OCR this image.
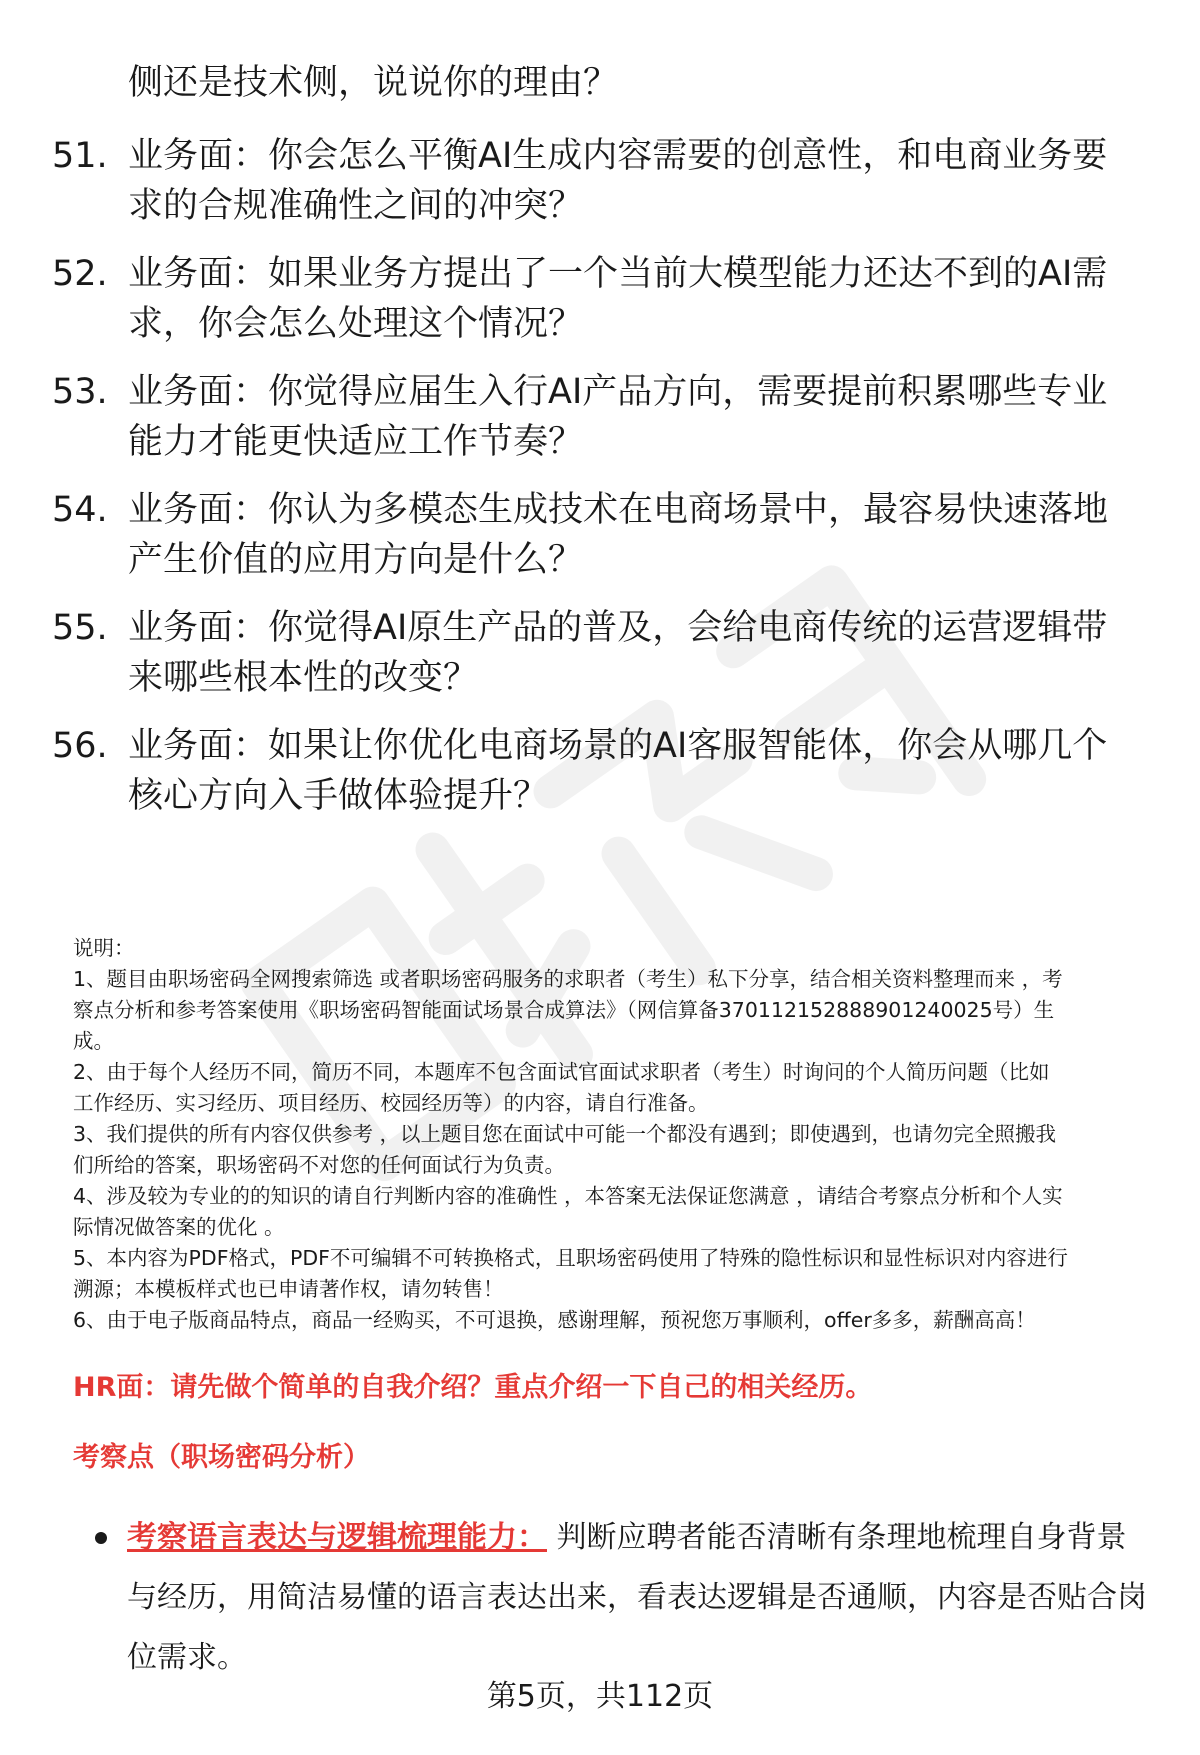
侧还是技术侧，说说你的理由？
51. 业务面：你会怎么平衡AI生成内容需要的创意性，和电商业务要
求的合规准确性之间的冲突？
52. 业务面：如果业务方提出了一个当前大模型能力还达不到的AI需
求，你会怎么处理这个情况？
53. 业务面：你觉得应届生入行AI产品方向，需要提前积累哪些专业
能力才能更快适应工作节奏？
54. 业务面：你认为多模态生成技术在电商场景中，最容易快速落地
产生价值的应用方向是什么？
55. 业务面：你觉得AI原生产品的普及，会给电商传统的运营逻辑带
来哪些根本性的改变？
56. 业务面：如果让你优化电商场景的AI客服智能体，你会从哪几个
核心方向入手做体验提升？

说明：

1、题目由职场密码全网搜索筛选 或者职场密码服务的求职者（考生）私下分享，结合相关资料整理而来 ，考

察点分析和参考答案使用《职场密码智能面试场景合成算法》（网信算备370112152888901240025号）生

成。

2、由于每个人经历不同，简历不同，本题库不包含面试官面试求职者（考生）时询问的个人简历问题（比如

工作经历、实习经历、项目经历、校园经历等）的内容，请自行准备。

3、我们提供的所有内容仅供参考 ，以上题目您在面试中可能一个都没有遇到；即使遇到，也请勿完全照搬我

们所给的答案，职场密码不对您的任何面试行为负责。

4、涉及较为专业的的知识的请自行判断内容的准确性 ，本答案无法保证您满意 ，请结合考察点分析和个人实

际情况做答案的优化 。

5、本内容为PDF格式，PDF不可编辑不可转换格式，且职场密码使用了特殊的隐性标识和显性标识对内容进行

溯源；本模板样式也已申请著作权，请勿转售！

6、由于电子版商品特点，商品一经购买，不可退换，感谢理解，预祝您万事顺利，offer多多，薪酬高高！

HR面：请先做个简单的自我介绍？重点介绍一下自己的相关经历。
考察点（职场密码分析）
考察语言表达与逻辑梳理能力： 判断应聘者能否清晰有条理地梳理自身背景与经历，用简洁易懂的语言表达出来，看表达逻辑是否通顺，内容是否贴合岗位需求。
第5页，共112页
